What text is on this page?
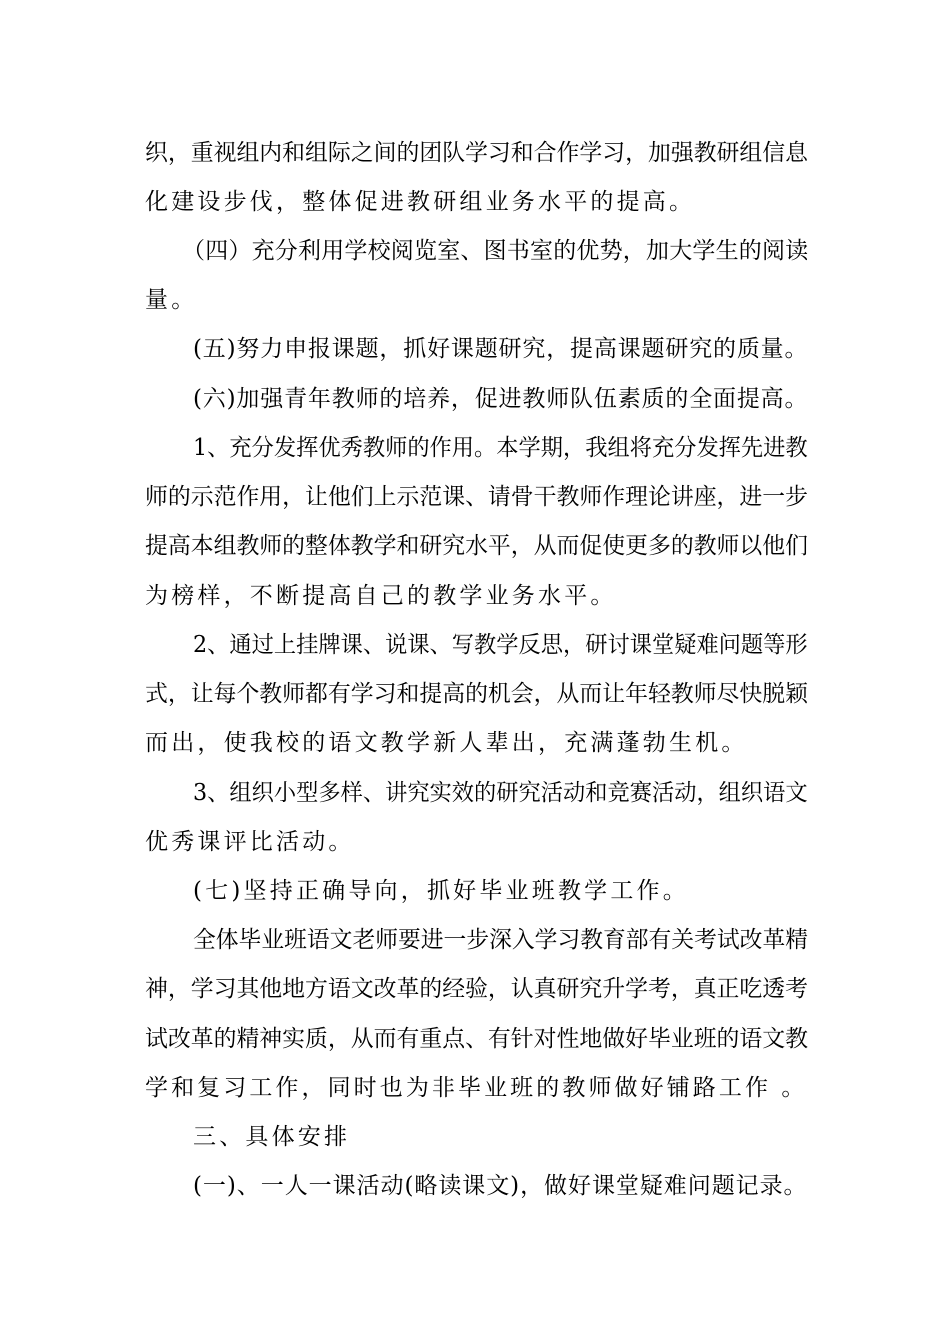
织，重视组内和组际之间的团队学习和合作学习，加强教研组信息
化建设步伐，整体促进教研组业务水平的提高。
（四）充分利用学校阅览室、图书室的优势，加大学生的阅读
量。
(五)努力申报课题，抓好课题研究，提高课题研究的质量。
(六)加强青年教师的培养，促进教师队伍素质的全面提高。
1、充分发挥优秀教师的作用。本学期，我组将充分发挥先进教
师的示范作用，让他们上示范课、请骨干教师作理论讲座，进一步
提高本组教师的整体教学和研究水平，从而促使更多的教师以他们
为榜样，不断提高自己的教学业务水平。
2、通过上挂牌课、说课、写教学反思，研讨课堂疑难问题等形
式，让每个教师都有学习和提高的机会，从而让年轻教师尽快脱颖
而出，使我校的语文教学新人辈出，充满蓬勃生机。
3、组织小型多样、讲究实效的研究活动和竞赛活动，组织语文
优秀课评比活动。
(七)坚持正确导向，抓好毕业班教学工作。
全体毕业班语文老师要进一步深入学习教育部有关考试改革精
神，学习其他地方语文改革的经验，认真研究升学考，真正吃透考
试改革的精神实质，从而有重点、有针对性地做好毕业班的语文教
学和复习工作，同时也为非毕业班的教师做好铺路工作 。
三、具体安排
(一)、一人一课活动(略读课文)，做好课堂疑难问题记录。
